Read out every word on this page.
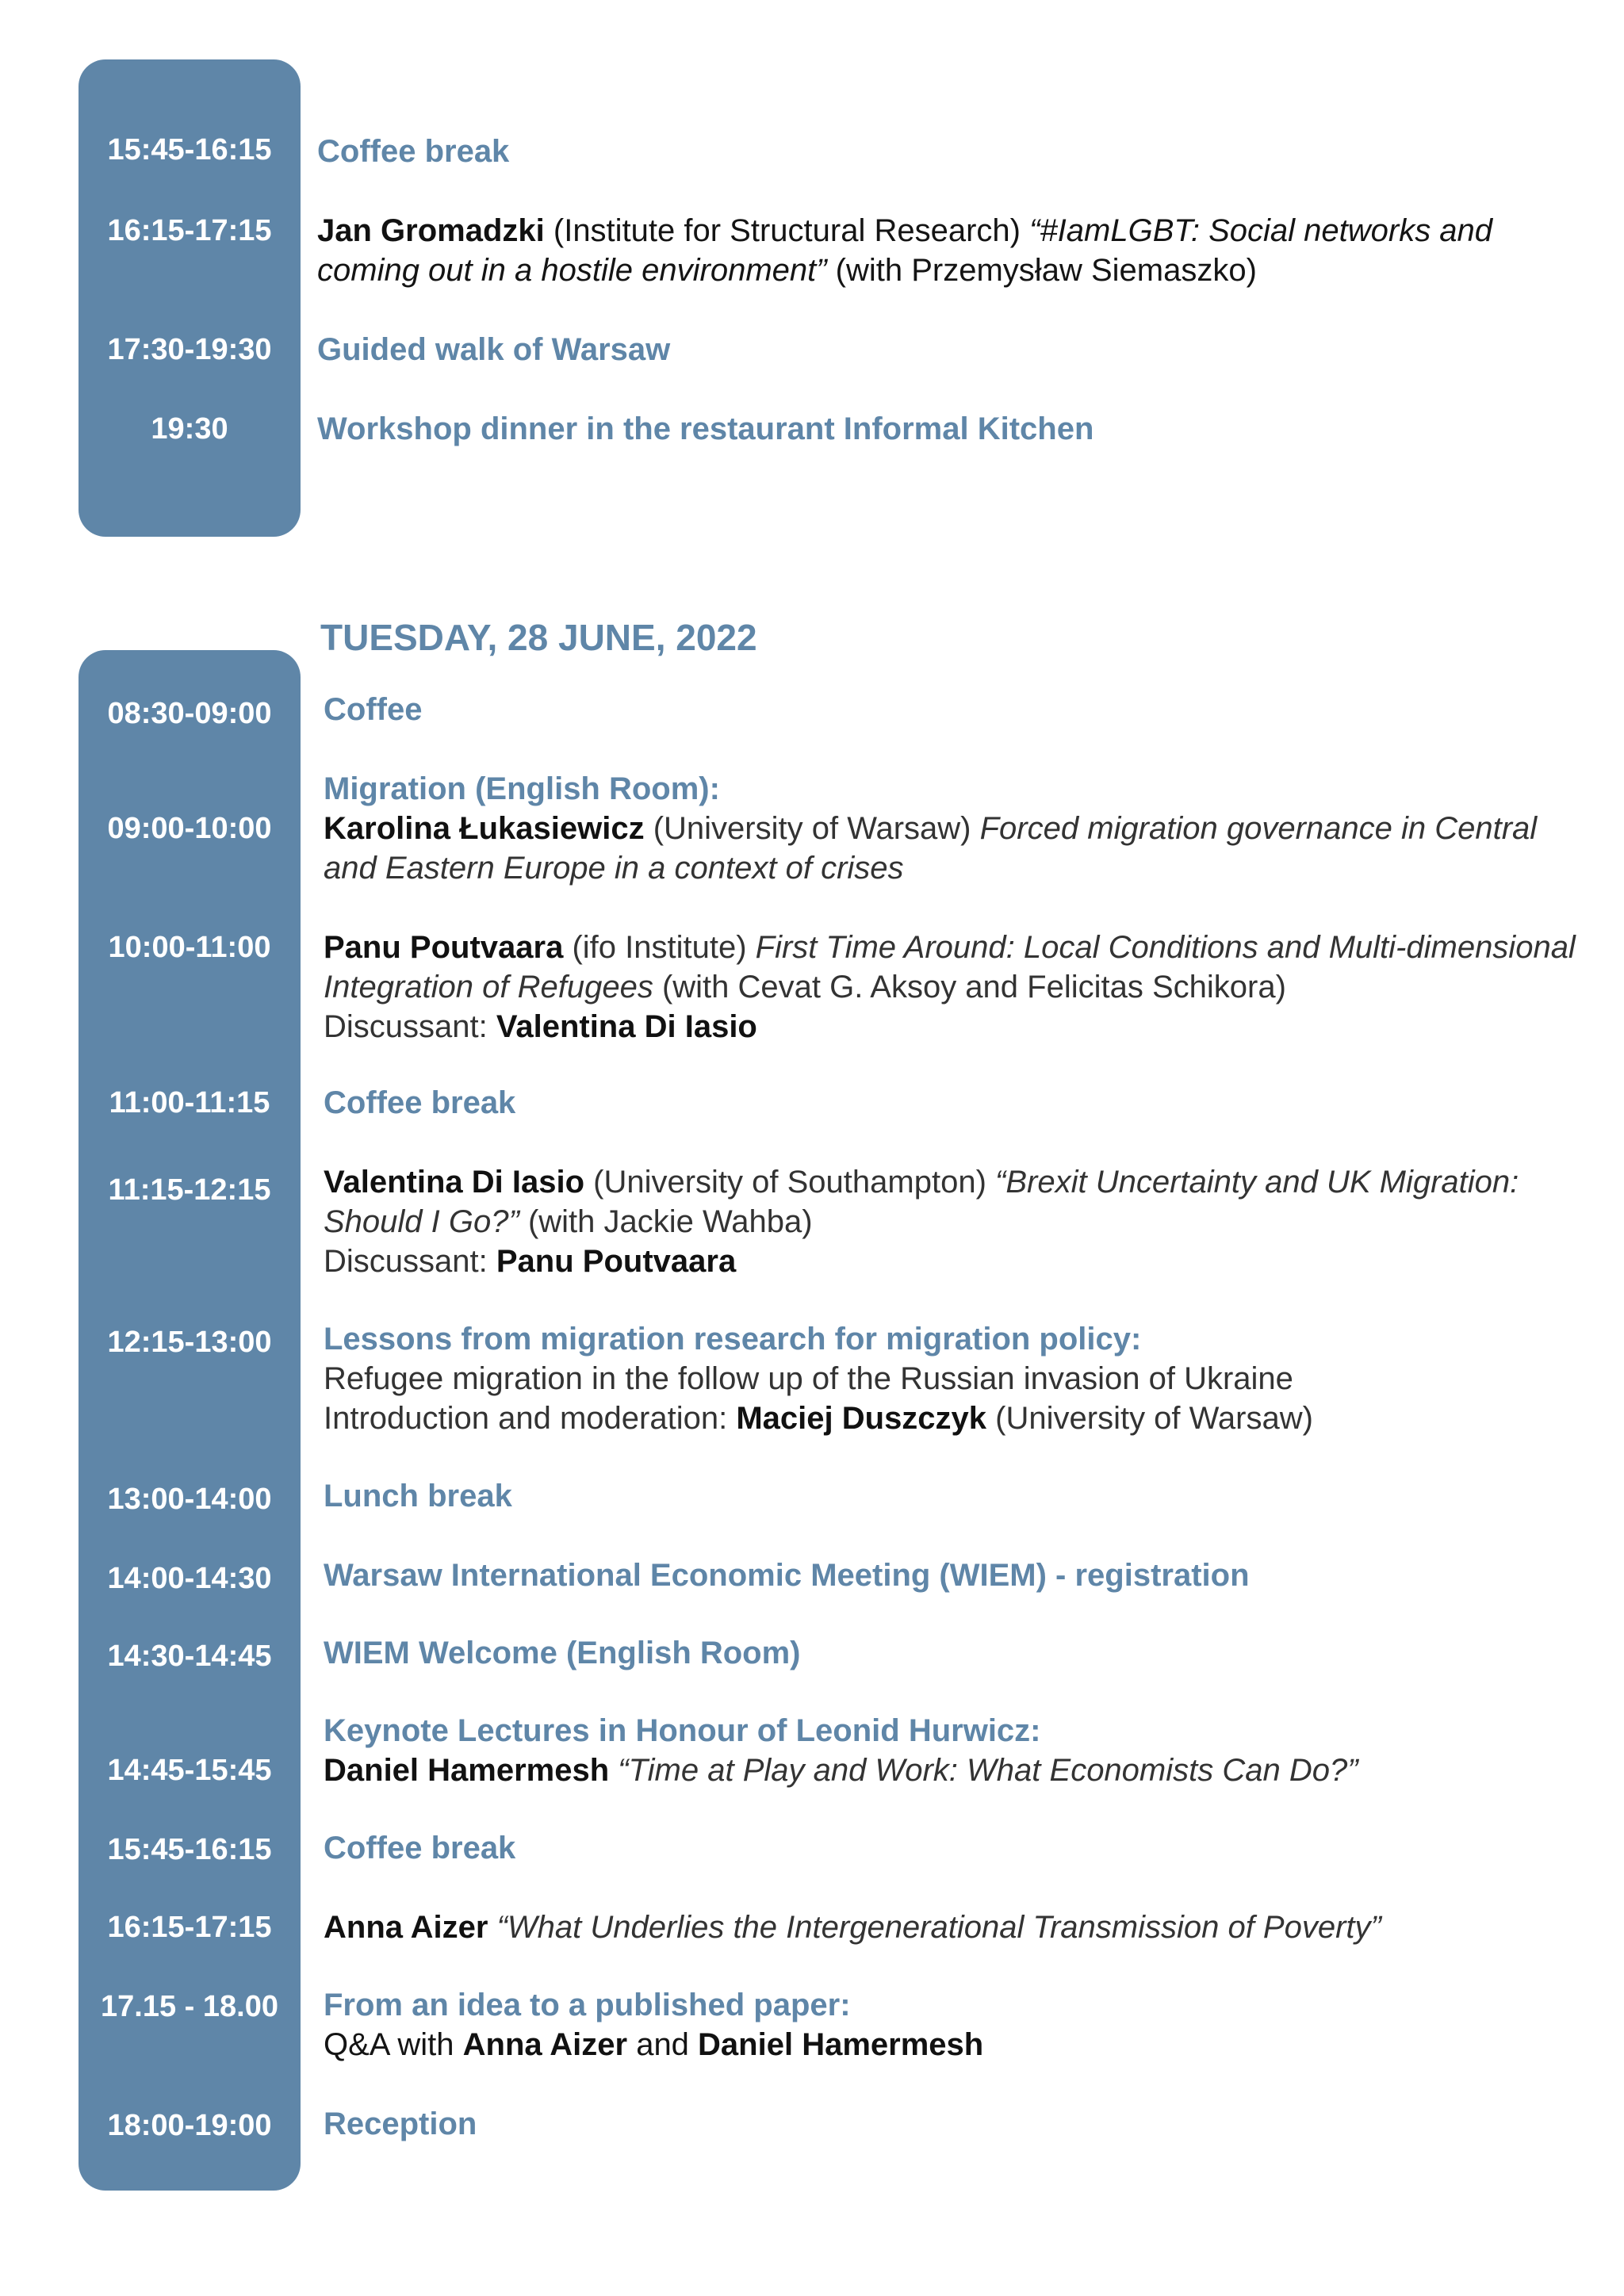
15:45-16:15
16:15-17:15
17:30-19:30
19:30
Coffee break
Jan Gromadzki (Institute for Structural Research) “#IamLGBT: Social networks and
coming out in a hostile environment” (with Przemysław Siemaszko)
Guided walk of Warsaw
Workshop dinner in the restaurant Informal Kitchen
TUESDAY, 28 JUNE, 2022
08:30-09:00
09:00-10:00
10:00-11:00
11:00-11:15
11:15-12:15
12:15-13:00
13:00-14:00
14:00-14:30
14:30-14:45
14:45-15:45
15:45-16:15
16:15-17:15
17.15 - 18.00
18:00-19:00
Coffee
Migration (English Room):
Karolina Łukasiewicz (University of Warsaw) Forced migration governance in Central
and Eastern Europe in a context of crises
Panu Poutvaara (ifo Institute) First Time Around: Local Conditions and Multi-dimensional
Integration of Refugees (with Cevat G. Aksoy and Felicitas Schikora)
Discussant: Valentina Di Iasio
Coffee break
Valentina Di Iasio (University of Southampton) “Brexit Uncertainty and UK Migration:
Should I Go?” (with Jackie Wahba)
Discussant: Panu Poutvaara
Lessons from migration research for migration policy:
Refugee migration in the follow up of the Russian invasion of Ukraine
Introduction and moderation: Maciej Duszczyk (University of Warsaw)
Lunch break
Warsaw International Economic Meeting (WIEM) - registration
WIEM Welcome (English Room)
Keynote Lectures in Honour of Leonid Hurwicz:
Daniel Hamermesh “Time at Play and Work: What Economists Can Do?”
Coffee break
Anna Aizer “What Underlies the Intergenerational Transmission of Poverty”
From an idea to a published paper:
Q&A with Anna Aizer and Daniel Hamermesh
Reception
